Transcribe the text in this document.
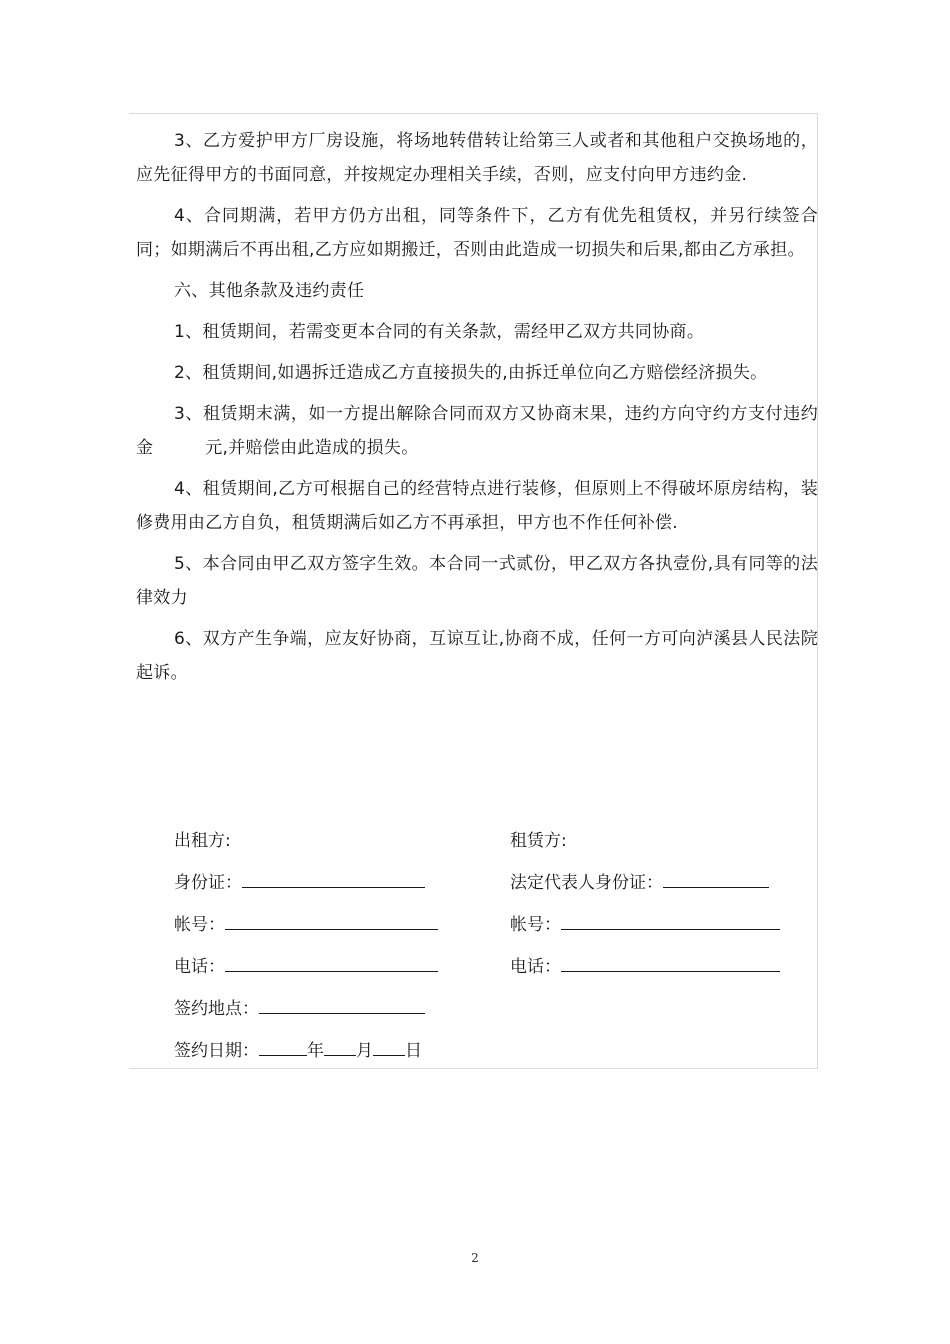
3、乙方爱护甲方厂房设施，将场地转借转让给第三人或者和其他租户交换场地的，应先征得甲方的书面同意，并按规定办理相关手续，否则，应支付向甲方违约金.

4、合同期满，若甲方仍方出租，同等条件下，乙方有优先租赁权，并另行续签合同；如期满后不再出租,乙方应如期搬迁，否则由此造成一切损失和后果,都由乙方承担。

六、其他条款及违约责任

1、租赁期间，若需变更本合同的有关条款，需经甲乙双方共同协商。

2、租赁期间,如遇拆迁造成乙方直接损失的,由拆迁单位向乙方赔偿经济损失。

3、租赁期末满，如一方提出解除合同而双方又协商末果，违约方向守约方支付违约金　　　元,并赔偿由此造成的损失。

4、租赁期间,乙方可根据自己的经营特点进行装修，但原则上不得破坏原房结构，装修费用由乙方自负，租赁期满后如乙方不再承担，甲方也不作任何补偿.

5、本合同由甲乙双方签字生效。本合同一式贰份，甲乙双方各执壹份,具有同等的法律效力

6、双方产生争端，应友好协商，互谅互让,协商不成，任何一方可向泸溪县人民法院起诉。

出租方:	租赁方:
身份证：	法定代表人身份证：
帐号：	帐号：
电话：	电话：
签约地点：
签约日期：	年 月 日
2
